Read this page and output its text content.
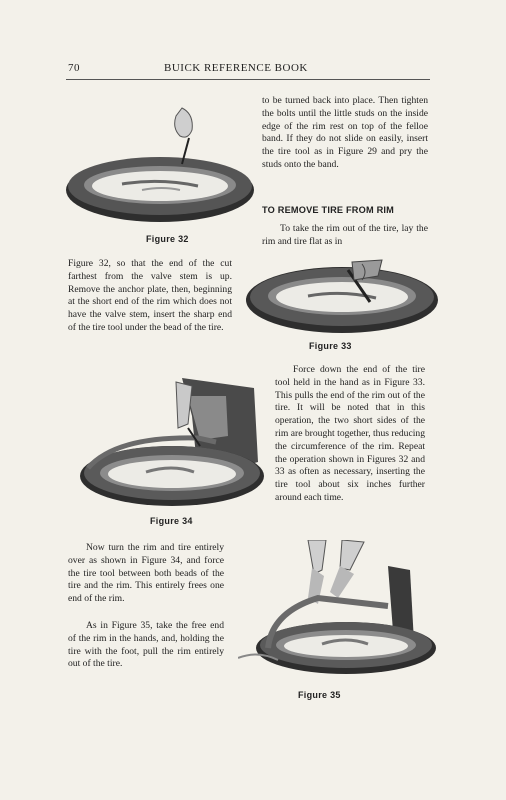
70	BUICK REFERENCE BOOK
Figure 32
Figure 33
Figure 34
Figure 35

to be turned back into place. Then tighten the bolts until the little studs on the inside edge of the rim rest on top of the felloe band. If they do not slide on easily, insert the tire tool as in Figure 29 and pry the studs onto the band.

TO REMOVE TIRE FROM RIM

To take the rim out of the tire, lay the rim and tire flat as in

Force down the end of the tire tool held in the hand as in Figure 33. This pulls the end of the rim out of the tire. It will be noted that in this operation, the two short sides of the rim are brought together, thus reducing the circumference of the rim. Repeat the operation shown in Figures 32 and 33 as often as necessary, inserting the tire tool about six inches further around each time.

Figure 32, so that the end of the cut farthest from the valve stem is up. Remove the anchor plate, then, beginning at the short end of the rim which does not have the valve stem, insert the sharp end of the tire tool under the bead of the tire.

Now turn the rim and tire entirely over as shown in Figure 34, and force the tire tool between both beads of the tire and the rim. This entirely frees one end of the rim.

As in Figure 35, take the free end of the rim in the hands, and, holding the tire with the foot, pull the rim entirely out of the tire.
